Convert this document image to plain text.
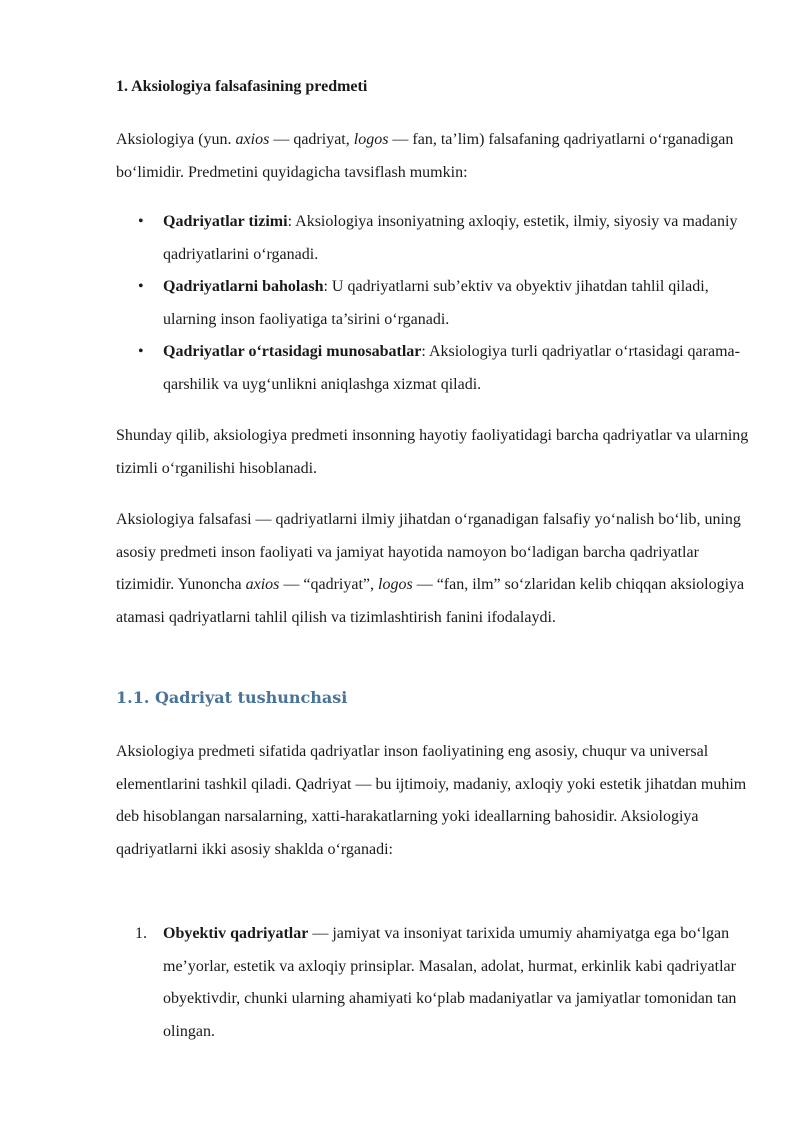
1. Aksiologiya falsafasining predmeti

Aksiologiya (yun. axios — qadriyat, logos — fan, ta’lim) falsafaning qadriyatlarni o‘rganadigan bo‘limidir. Predmetini quyidagicha tavsiflash mumkin:

• Qadriyatlar tizimi: Aksiologiya insoniyatning axloqiy, estetik, ilmiy, siyosiy va madaniy qadriyatlarini o‘rganadi.
• Qadriyatlarni baholash: U qadriyatlarni sub’ektiv va obyektiv jihatdan tahlil qiladi, ularning inson faoliyatiga ta’sirini o‘rganadi.
• Qadriyatlar o‘rtasidagi munosabatlar: Aksiologiya turli qadriyatlar o‘rtasidagi qarama-qarshilik va uyg‘unlikni aniqlashga xizmat qiladi.

Shunday qilib, aksiologiya predmeti insonning hayotiy faoliyatidagi barcha qadriyatlar va ularning tizimli o‘rganilishi hisoblanadi.

Aksiologiya falsafasi — qadriyatlarni ilmiy jihatdan o‘rganadigan falsafiy yo‘nalish bo‘lib, uning asosiy predmeti inson faoliyati va jamiyat hayotida namoyon bo‘ladigan barcha qadriyatlar tizimidir. Yunoncha axios — “qadriyat”, logos — “fan, ilm” so‘zlaridan kelib chiqqan aksiologiya atamasi qadriyatlarni tahlil qilish va tizimlashtirish fanini ifodalaydi.

1.1. Qadriyat tushunchasi

Aksiologiya predmeti sifatida qadriyatlar inson faoliyatining eng asosiy, chuqur va universal elementlarini tashkil qiladi. Qadriyat — bu ijtimoiy, madaniy, axloqiy yoki estetik jihatdan muhim deb hisoblangan narsalarning, xatti-harakatlarning yoki ideallarning bahosidir. Aksiologiya qadriyatlarni ikki asosiy shaklda o‘rganadi:

1. Obyektiv qadriyatlar — jamiyat va insoniyat tarixida umumiy ahamiyatga ega bo‘lgan me’yorlar, estetik va axloqiy prinsiplar. Masalan, adolat, hurmat, erkinlik kabi qadriyatlar obyektivdir, chunki ularning ahamiyati ko‘plab madaniyatlar va jamiyatlar tomonidan tan olingan.
